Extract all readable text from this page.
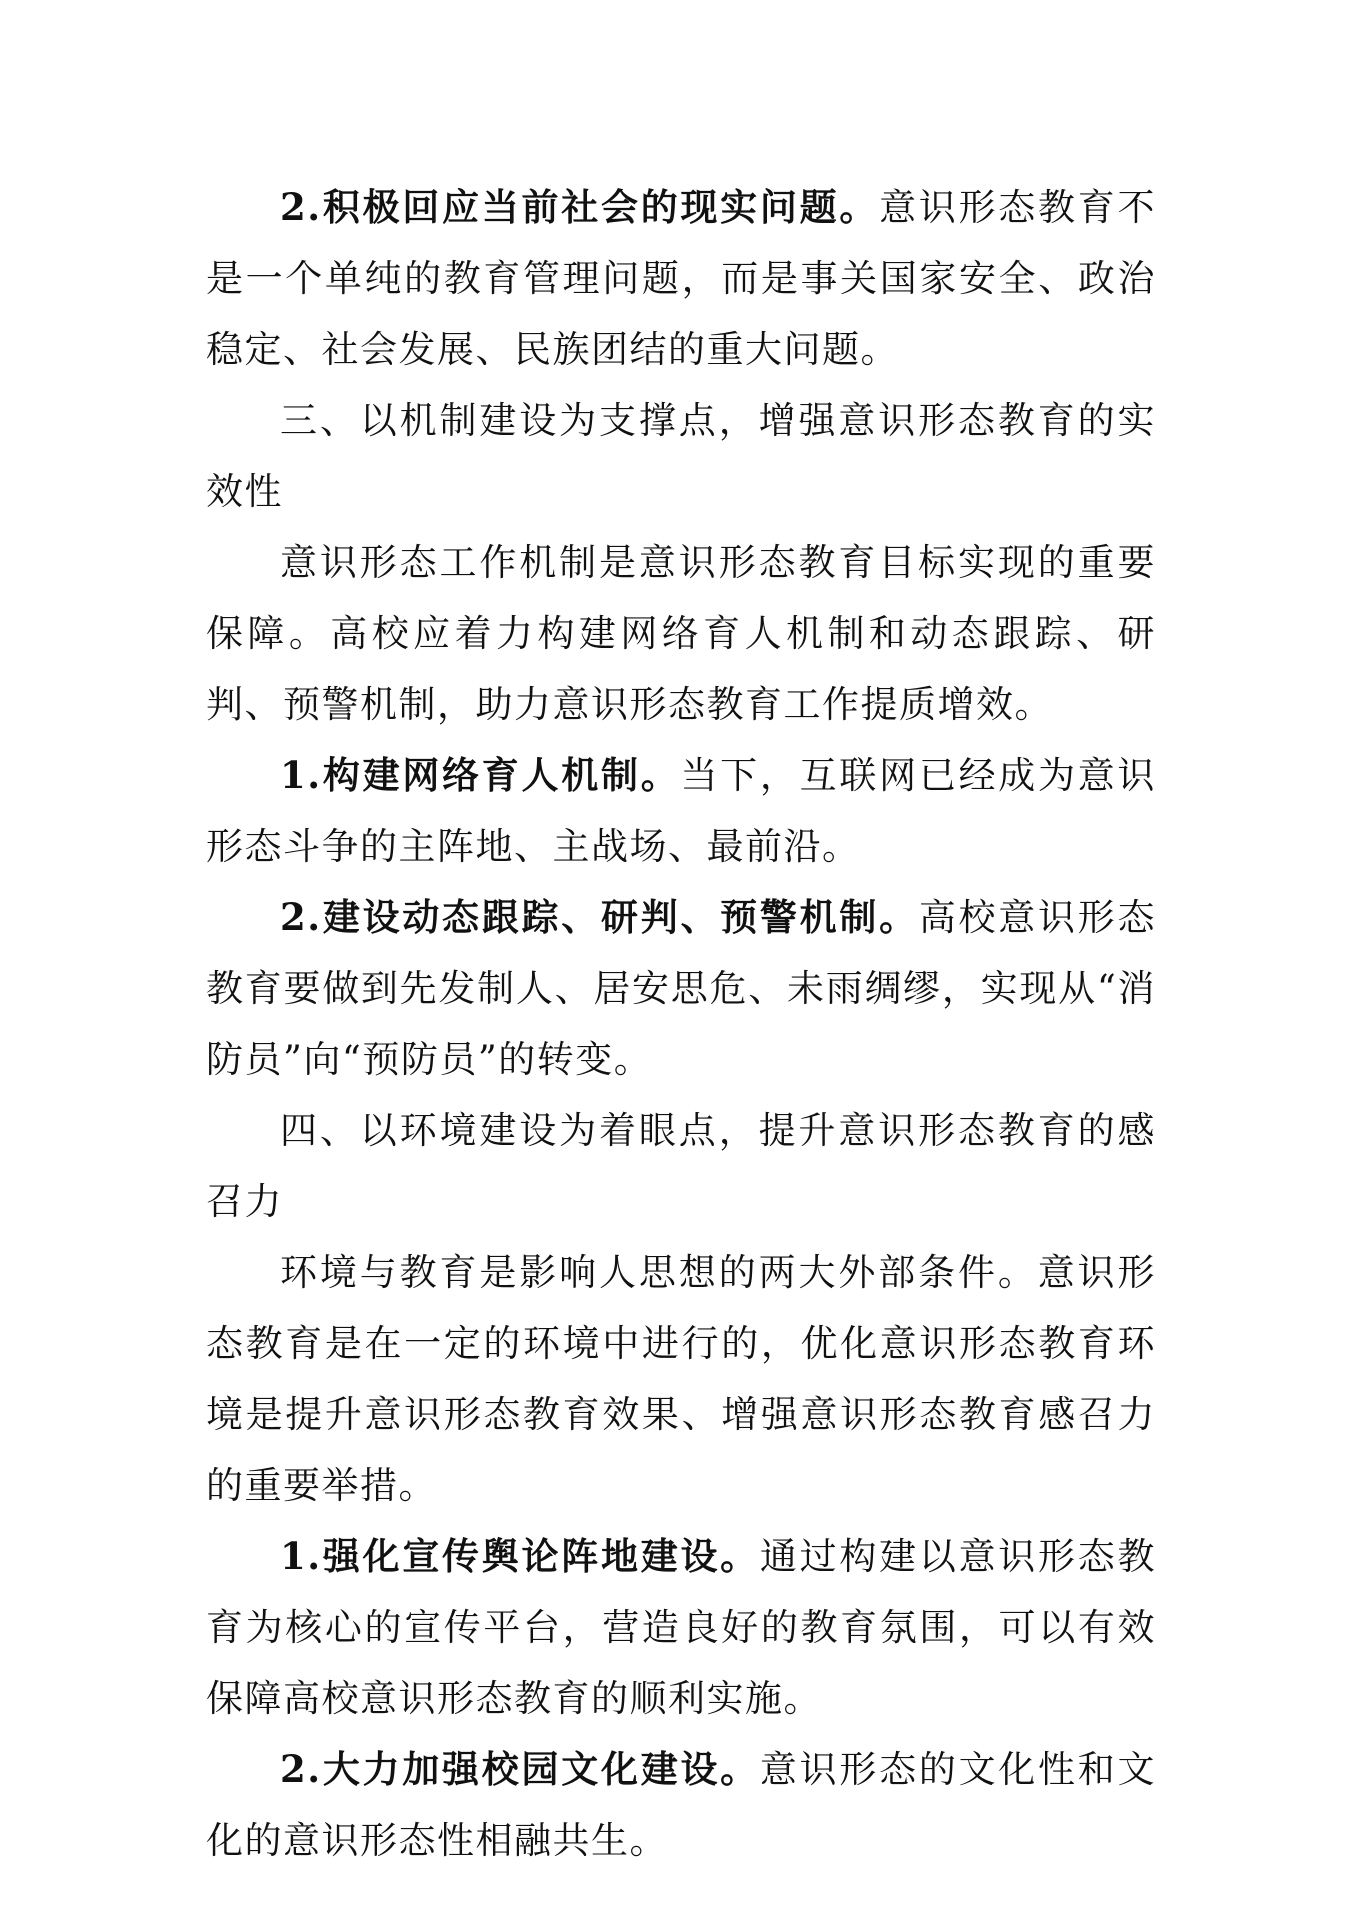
2.积极回应当前社会的现实问题。意识形态教育不是一个单纯的教育管理问题，而是事关国家安全、政治稳定、社会发展、民族团结的重大问题。

三、以机制建设为支撑点，增强意识形态教育的实效性

意识形态工作机制是意识形态教育目标实现的重要保障。高校应着力构建网络育人机制和动态跟踪、研判、预警机制，助力意识形态教育工作提质增效。

1.构建网络育人机制。当下，互联网已经成为意识形态斗争的主阵地、主战场、最前沿。

2.建设动态跟踪、研判、预警机制。高校意识形态教育要做到先发制人、居安思危、未雨绸缪，实现从“消防员”向“预防员”的转变。

四、以环境建设为着眼点，提升意识形态教育的感召力

环境与教育是影响人思想的两大外部条件。意识形态教育是在一定的环境中进行的，优化意识形态教育环境是提升意识形态教育效果、增强意识形态教育感召力的重要举措。

1.强化宣传舆论阵地建设。通过构建以意识形态教育为核心的宣传平台，营造良好的教育氛围，可以有效保障高校意识形态教育的顺利实施。

2.大力加强校园文化建设。意识形态的文化性和文化的意识形态性相融共生。
